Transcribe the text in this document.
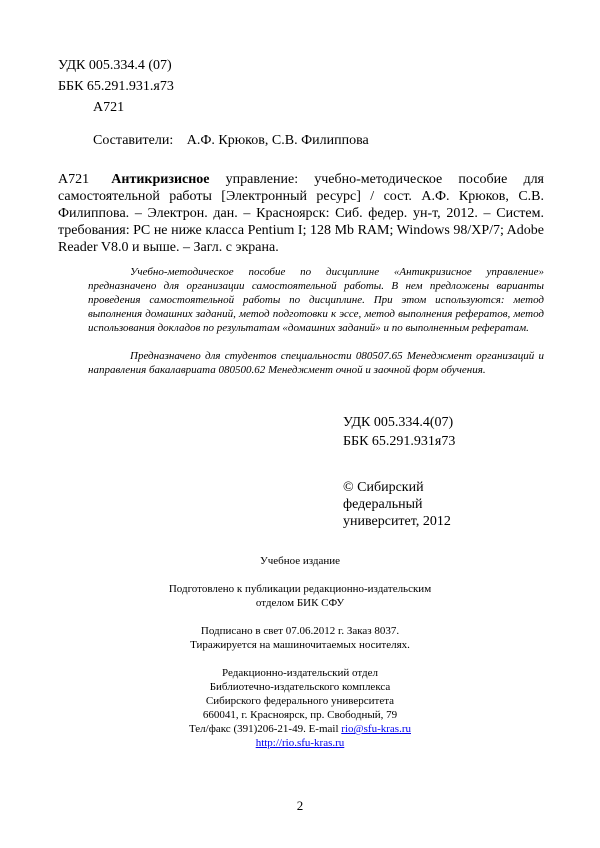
УДК 005.334.4 (07)
ББК 65.291.931.я73
А721
Составители: А.Ф. Крюков, С.В. Филиппова
А721 Антикризисное управление: учебно-методическое пособие для самостоятельной работы [Электронный ресурс] / сост. А.Ф. Крюков, С.В. Филиппова. – Электрон. дан. – Красноярск: Сиб. федер. ун-т, 2012. – Систем. требования: PC не ниже класса Pentium I; 128 Mb RAM; Windows 98/XP/7; Adobe Reader V8.0 и выше. – Загл. с экрана.
Учебно-методическое пособие по дисциплине «Антикризисное управление» предназначено для организации самостоятельной работы. В нем предложены варианты проведения самостоятельной работы по дисциплине. При этом используются: метод выполнения домашних заданий, метод подготовки к эссе, метод выполнения рефератов, метод использования докладов по результатам «домашних заданий» и по выполненным рефератам.
Предназначено для студентов специальности 080507.65 Менеджмент организаций и направления бакалавриата 080500.62 Менеджмент очной и заочной форм обучения.
УДК 005.334.4(07)
ББК 65.291.931я73
© Сибирский
федеральный
университет, 2012
Учебное издание
Подготовлено к публикации редакционно-издательским
отделом БИК СФУ
Подписано в свет 07.06.2012 г. Заказ 8037.
Тиражируется на машиночитаемых носителях.
Редакционно-издательский отдел
Библиотечно-издательского комплекса
Сибирского федерального университета
660041, г. Красноярск, пр. Свободный, 79
Тел/факс (391)206-21-49. E-mail rio@sfu-kras.ru
http://rio.sfu-kras.ru
2
